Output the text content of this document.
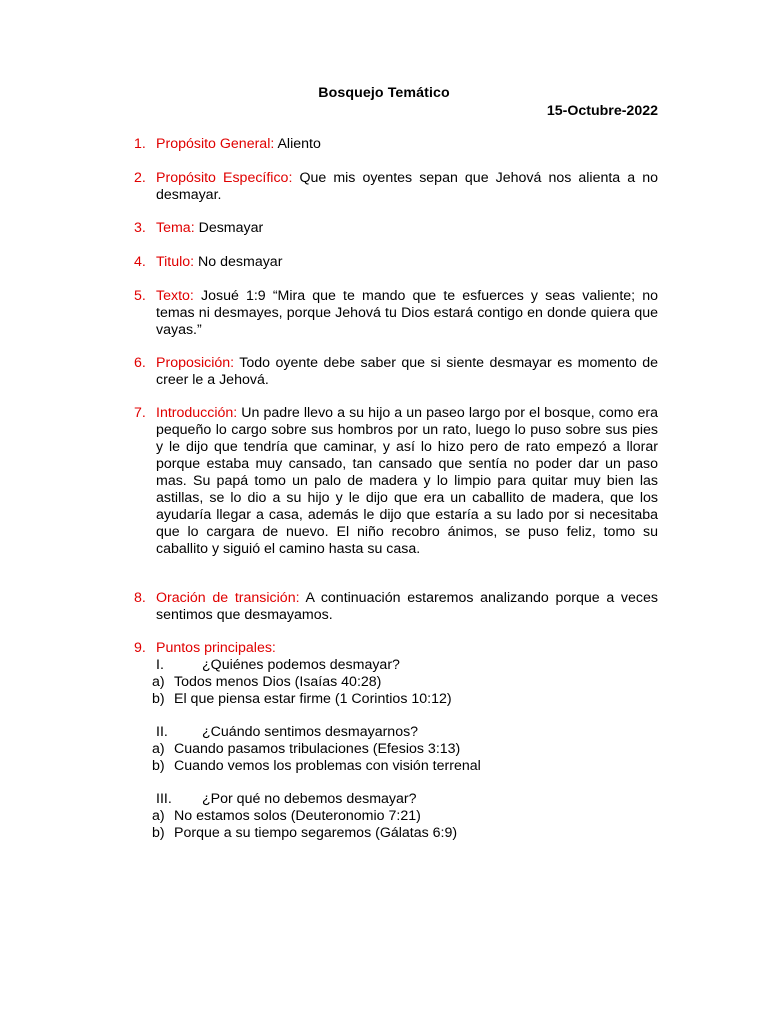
Bosquejo Temático
15-Octubre-2022
1. Propósito General: Aliento
2. Propósito Específico: Que mis oyentes sepan que Jehová nos alienta a no desmayar.
3. Tema: Desmayar
4. Titulo: No desmayar
5. Texto: Josué 1:9 “Mira que te mando que te esfuerces y seas valiente; no temas ni desmayes, porque Jehová tu Dios estará contigo en donde quiera que vayas.”
6. Proposición: Todo oyente debe saber que si siente desmayar es momento de creer le a Jehová.
7. Introducción: Un padre llevo a su hijo a un paseo largo por el bosque, como era pequeño lo cargo sobre sus hombros por un rato, luego lo puso sobre sus pies y le dijo que tendría que caminar, y así lo hizo pero de rato empezó a llorar porque estaba muy cansado, tan cansado que sentía no poder dar un paso mas. Su papá tomo un palo de madera y lo limpio para quitar muy bien las astillas, se lo dio a su hijo y le dijo que era un caballito de madera, que los ayudaría llegar a casa, además le dijo que estaría a su lado por si necesitaba que lo cargara de nuevo. El niño recobro ánimos, se puso feliz, tomo su caballito y siguió el camino hasta su casa.
8. Oración de transición: A continuación estaremos analizando porque a veces sentimos que desmayamos.
9. Puntos principales:
I.	¿Quiénes podemos desmayar?
a) Todos menos Dios (Isaías 40:28)
b) El que piensa estar firme (1 Corintios 10:12)
II. ¿Cuándo sentimos desmayarnos?
a) Cuando pasamos tribulaciones (Efesios 3:13)
b) Cuando vemos los problemas con visión terrenal
III. ¿Por qué no debemos desmayar?
a) No estamos solos (Deuteronomio 7:21)
b) Porque a su tiempo segaremos (Gálatas 6:9)
